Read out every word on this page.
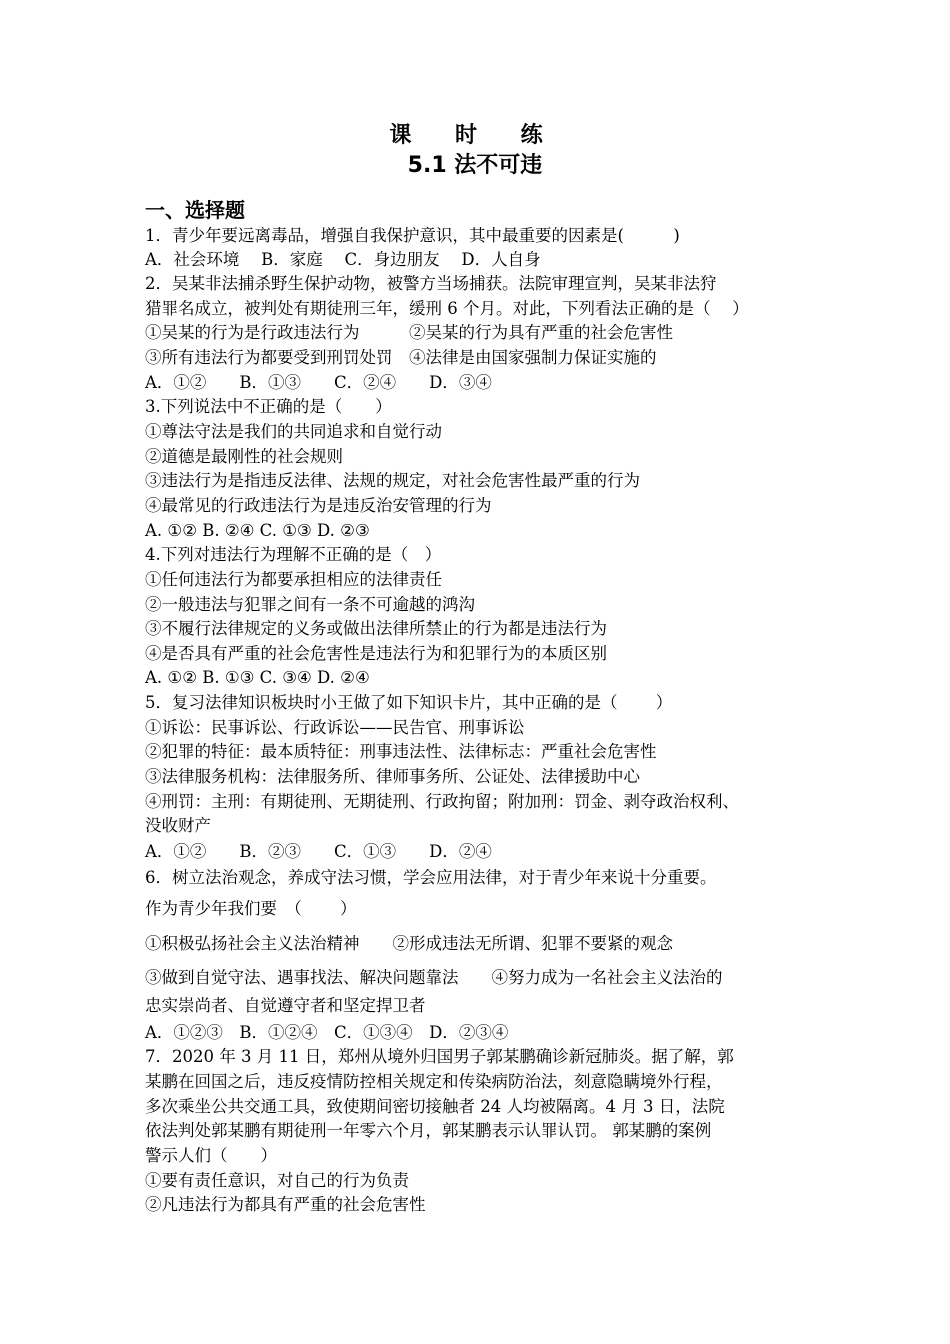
课 时 练
5.1 法不可违
一、选择题
1．青少年要远离毒品，增强自我保护意识，其中最重要的因素是(　　　)
A．社会环境　 B．家庭　 C．身边朋友　 D．人自身
2．吴某非法捕杀野生保护动物，被警方当场捕获。法院审理宣判，吴某非法狩
猎罪名成立，被判处有期徒刑三年，缓刑 6 个月。对此，下列看法正确的是（　 ）
①吴某的行为是行政违法行为　　　②吴某的行为具有严重的社会危害性
③所有违法行为都要受到刑罚处罚　④法律是由国家强制力保证实施的
A．①②　　B．①③　　C．②④　　D．③④
3.下列说法中不正确的是（　　）
①尊法守法是我们的共同追求和自觉行动
②道德是最刚性的社会规则
③违法行为是指违反法律、法规的规定，对社会危害性最严重的行为
④最常见的行政违法行为是违反治安管理的行为
A. ①② B. ②④ C. ①③ D. ②③
4.下列对违法行为理解不正确的是（　）
①任何违法行为都要承担相应的法律责任
②一般违法与犯罪之间有一条不可逾越的鸿沟
③不履行法律规定的义务或做出法律所禁止的行为都是违法行为
④是否具有严重的社会危害性是违法行为和犯罪行为的本质区别
A. ①② B. ①③ C. ③④ D. ②④
5．复习法律知识板块时小王做了如下知识卡片，其中正确的是（　　 ）
①诉讼：民事诉讼、行政诉讼——民告官、刑事诉讼
②犯罪的特征：最本质特征：刑事违法性、法律标志：严重社会危害性
③法律服务机构：法律服务所、律师事务所、公证处、法律援助中心
④刑罚：主刑：有期徒刑、无期徒刑、行政拘留；附加刑：罚金、剥夺政治权利、
没收财产
A．①②　　B．②③　　C．①③　　D．②④
6．树立法治观念，养成守法习惯，学会应用法律，对于青少年来说十分重要。
作为青少年我们要　（　　 ）
①积极弘扬社会主义法治精神　　②形成违法无所谓、犯罪不要紧的观念
③做到自觉守法、遇事找法、解决问题靠法　　④努力成为一名社会主义法治的
忠实崇尚者、自觉遵守者和坚定捍卫者
A．①②③　B．①②④　C．①③④　D．②③④
7．2020 年 3 月 11 日，郑州从境外归国男子郭某鹏确诊新冠肺炎。据了解，郭
某鹏在回国之后，违反疫情防控相关规定和传染病防治法，刻意隐瞒境外行程，
多次乘坐公共交通工具，致使期间密切接触者 24 人均被隔离。4 月 3 日，法院
依法判处郭某鹏有期徒刑一年零六个月，郭某鹏表示认罪认罚。 郭某鹏的案例
警示人们（　　）
①要有责任意识，对自己的行为负责
②凡违法行为都具有严重的社会危害性
